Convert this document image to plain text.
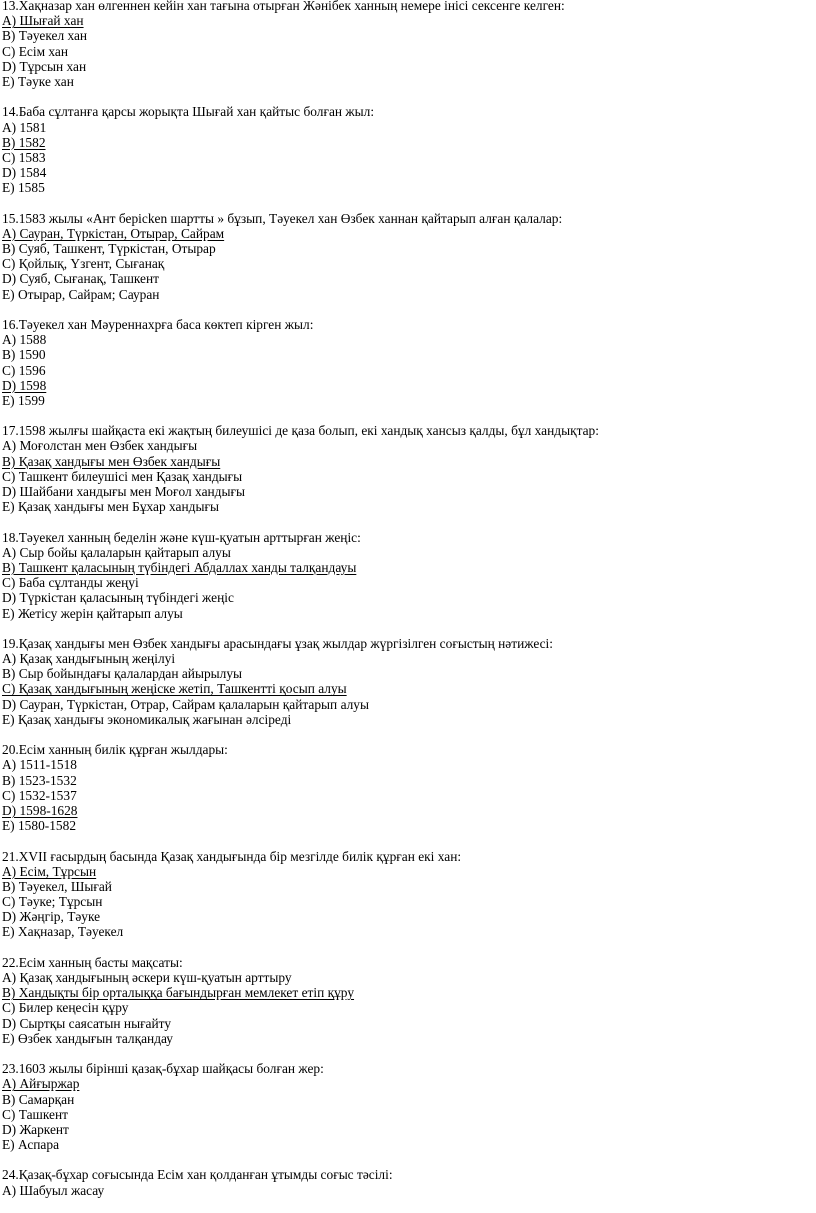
13.Хақназар хан өлгеннен кейін хан тағына отырған Жәнібек ханның немере інісі сексенге келген:
A) Шығай хан
B) Тәуекел хан
C) Есім хан
D) Тұрсын хан
E) Тәуке хан
14.Баба сұлтанға қарсы жорықта Шығай хан қайтыс болған жыл:
A) 1581
B) 1582
C) 1583
D) 1584
E) 1585
15.1583 жылы «Ант берісken шартты » бұзып, Тәуекел хан Өзбек ханнан қайтарып алған қалалар:
A) Сауран, Түркістан, Отырар, Сайрам
B) Суяб, Ташкент, Түркістан, Отырар
C) Қойлық, Үзгент, Сығанақ
D) Суяб, Сығанақ, Ташкент
E) Отырар, Сайрам; Сауран
16.Тәуекел хан Мәуреннахрға баса көктеп кірген жыл:
A) 1588
B) 1590
C) 1596
D) 1598
E) 1599
17.1598 жылғы шайқаста екі жақтың билеушісі де қаза болып, екі хандық хансыз қалды, бұл хандықтар:
A) Моғолстан мен Өзбек хандығы
B) Қазақ хандығы мен Өзбек хандығы
C) Ташкент билеушісі мен Қазақ хандығы
D) Шайбани хандығы мен Моғол хандығы
E) Қазақ хандығы мен Бұхар хандығы
18.Тәуекел ханның беделін және күш-қуатын арттырған жеңіс:
A) Сыр бойы қалаларын қайтарып алуы
B) Ташкент қаласының түбіндегі Абдаллах ханды талқандауы
C) Баба сұлтанды жеңуі
D) Түркістан қаласының түбіндегі жеңіс
E) Жетісу жерін қайтарып алуы
19.Қазақ хандығы мен Өзбек хандығы арасындағы ұзақ жылдар жүргізілген соғыстың нәтижесі:
A) Қазақ хандығының жеңілуі
B) Сыр бойындағы қалалардан айырылуы
C) Қазақ хандығының жеңіске жетіп, Ташкентті қосып алуы
D) Сауран, Түркістан, Отрар, Сайрам қалаларын қайтарып алуы
E) Қазақ хандығы экономикалық жағынан әлсіреді
20.Есім ханның билік құрған жылдары:
A) 1511-1518
B) 1523-1532
C) 1532-1537
D) 1598-1628
E) 1580-1582
21.XVII ғасырдың басында Қазақ хандығында бір мезгілде билік құрған екі хан:
A) Есім, Тұрсын
B) Тәуекел, Шығай
C) Тәуке; Тұрсын
D) Жәңгір, Тәуке
E) Хақназар, Тәуекел
22.Есім ханның басты мақсаты:
A) Қазақ хандығының әскери күш-қуатын арттыру
B) Хандықты бір орталыққа бағындырған мемлекет етіп құру
C) Билер кеңесін құру
D) Сыртқы саясатын нығайту
E) Өзбек хандығын талқандау
23.1603 жылы бірінші қазақ-бұхар шайқасы болған жер:
A) Айғыржар
B) Самарқан
C) Ташкент
D) Жаркент
E) Аспара
24.Қазақ-бұхар соғысында Есім хан қолданған ұтымды соғыс тәсілі:
A) Шабуыл жасау
